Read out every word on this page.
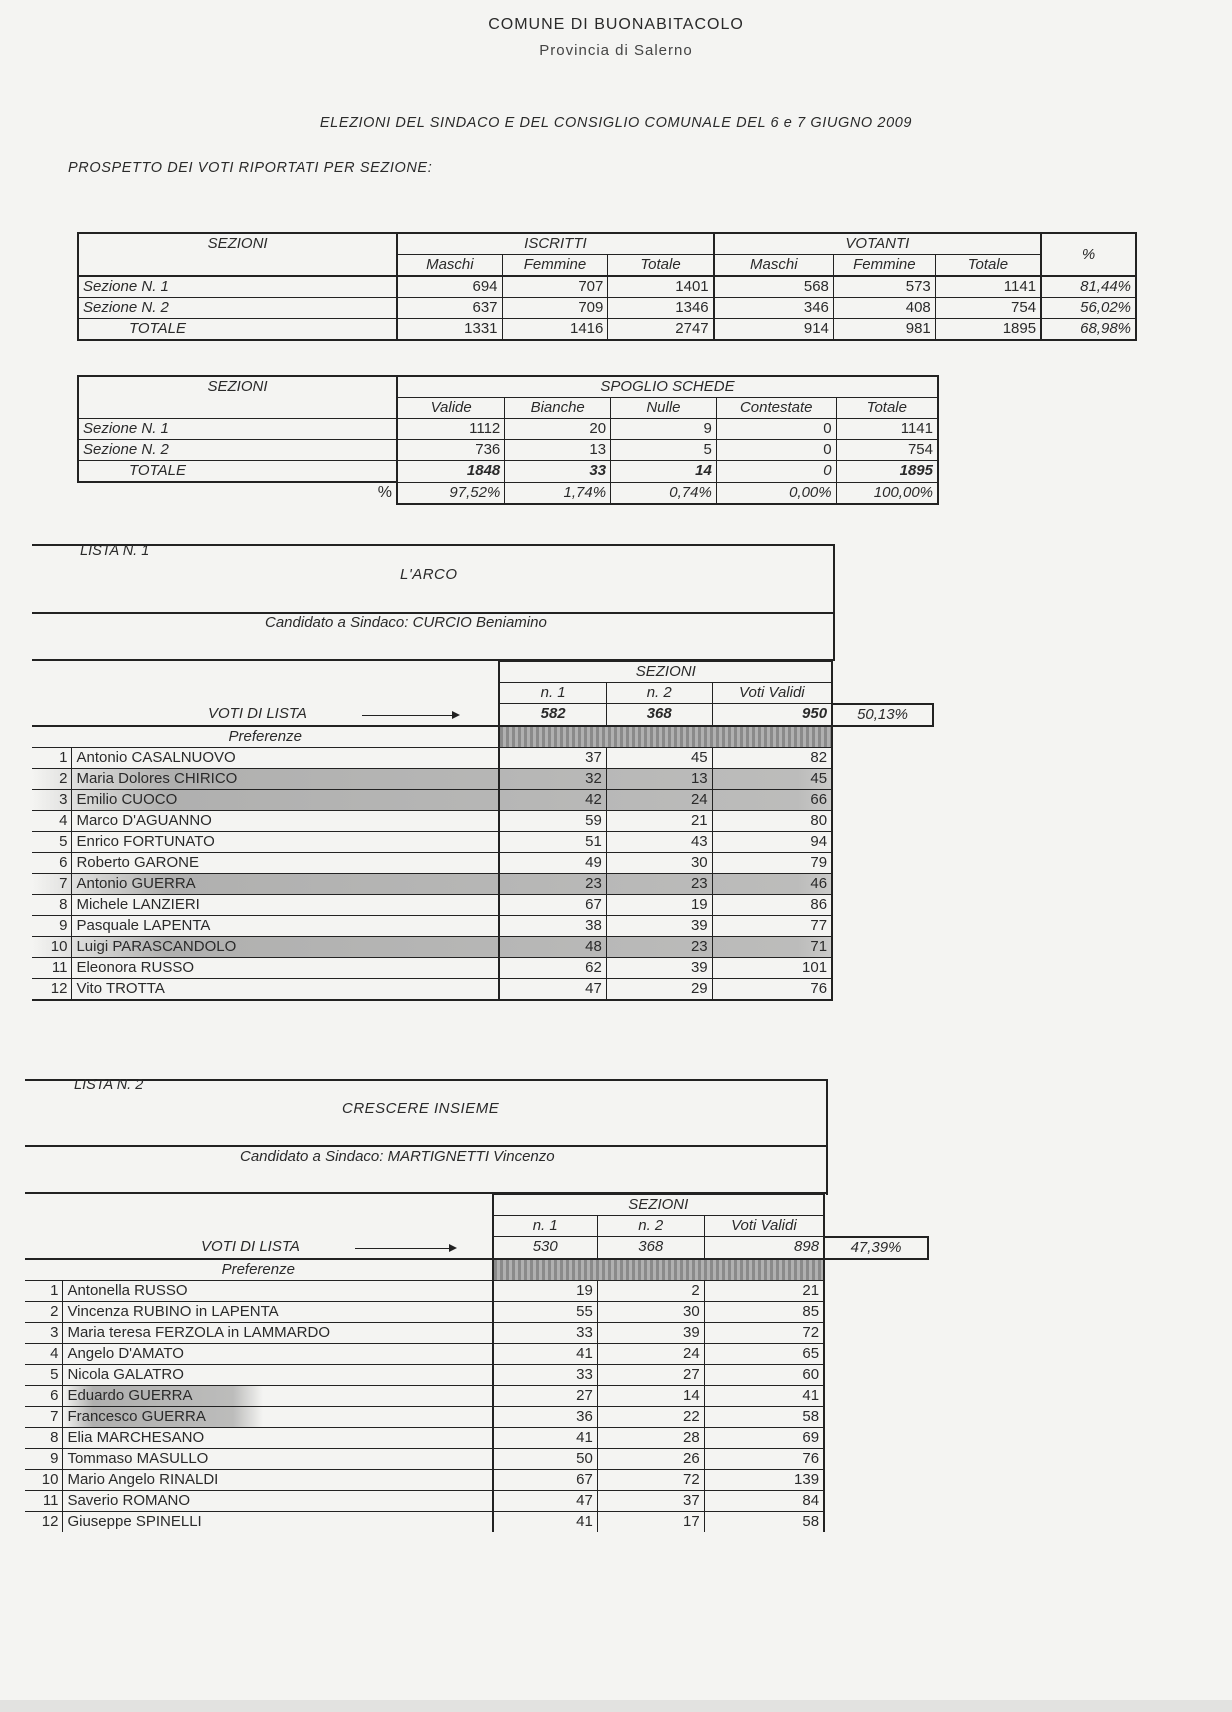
COMUNE DI BUONABITACOLO
Provincia di Salerno
ELEZIONI DEL SINDACO E DEL CONSIGLIO COMUNALE DEL 6 e 7 GIUGNO 2009
PROSPETTO DEI VOTI RIPORTATI PER SEZIONE:
SEZIONI	ISCRITTI			VOTANTI			%
	Maschi	Femmine	Totale	Maschi	Femmine	Totale	
Sezione N. 1	694	707	1401	568	573	1141	81,44%
Sezione N. 2	637	709	1346	346	408	754	56,02%
TOTALE	1331	1416	2747	914	981	1895	68,98%
SEZIONI	SPOGLIO SCHEDE				
	Valide	Bianche	Nulle	Contestate	Totale
Sezione N. 1	1112	20	9	0	1141
Sezione N. 2	736	13	5	0	754
TOTALE	1848	33	14	0	1895
%	97,52%	1,74%	0,74%	0,00%	100,00%
LISTA N. 1
L'ARCO
Candidato a Sindaco: CURCIO Beniamino
		SEZIONI			
		n. 1	n. 2	Voti Validi	

VOTI DI LISTA		582	368	950	50,13%
Preferenze					
1	Antonio CASALNUOVO	37	45	82	
2	Maria Dolores CHIRICO	32	13	45	
3	Emilio CUOCO	42	24	66	
4	Marco D'AGUANNO	59	21	80	
5	Enrico FORTUNATO	51	43	94	
6	Roberto GARONE	49	30	79	
7	Antonio GUERRA	23	23	46	
8	Michele LANZIERI	67	19	86	
9	Pasquale LAPENTA	38	39	77	
10	Luigi PARASCANDOLO	48	23	71	
11	Eleonora RUSSO	62	39	101	
12	Vito TROTTA	47	29	76	
LISTA N. 2
CRESCERE INSIEME
Candidato a Sindaco: MARTIGNETTI Vincenzo
		SEZIONI			
		n. 1	n. 2	Voti Validi	

VOTI DI LISTA		530	368	898	47,39%
Preferenze					
1	Antonella RUSSO	19	2	21	
2	Vincenza RUBINO in LAPENTA	55	30	85	
3	Maria teresa FERZOLA in LAMMARDO	33	39	72	
4	Angelo D'AMATO	41	24	65	
5	Nicola GALATRO	33	27	60	
6	Eduardo GUERRA	27	14	41	
7	Francesco GUERRA	36	22	58	
8	Elia MARCHESANO	41	28	69	
9	Tommaso MASULLO	50	26	76	
10	Mario Angelo RINALDI	67	72	139	
11	Saverio ROMANO	47	37	84	
12	Giuseppe SPINELLI	41	17	58	
